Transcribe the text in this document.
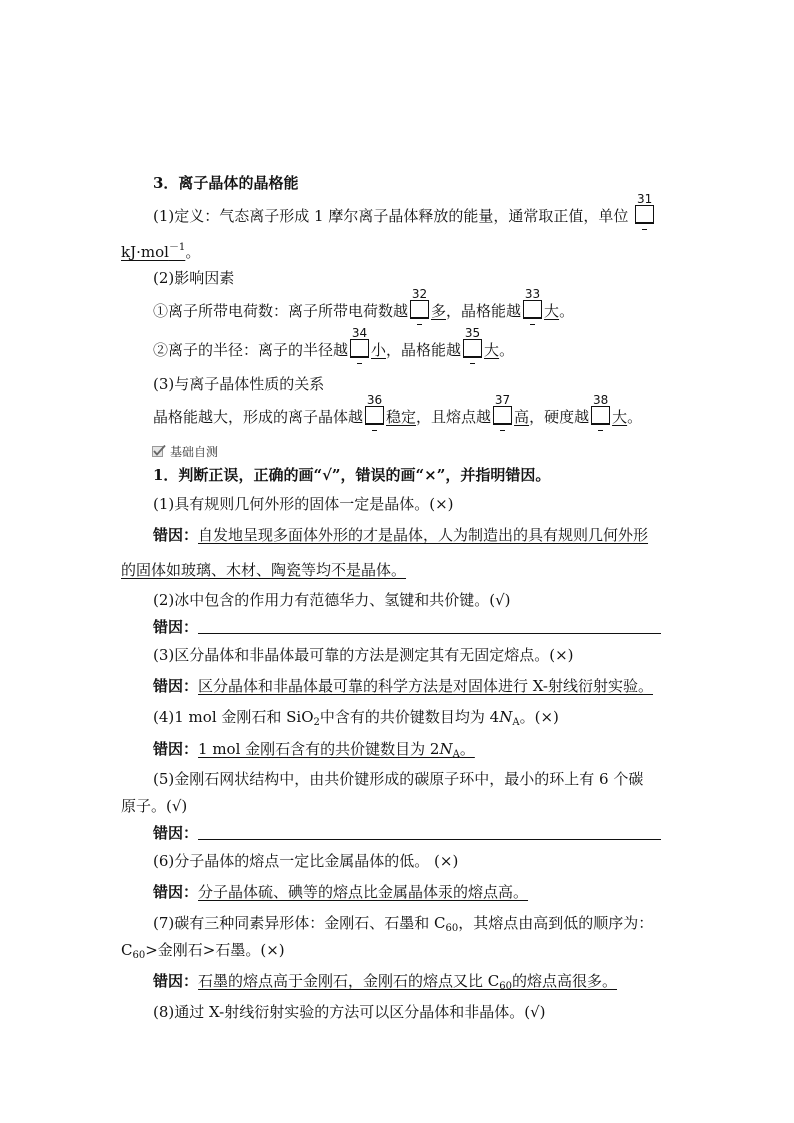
3．离子晶体的晶格能
(1)定义：气态离子形成 1 摩尔离子晶体释放的能量，通常取正值，单位
31
kJ·mol$^{-1}$。
(2)影响因素
①离子所带电荷数：离子所带电荷数越
32
多，晶格能越
33
大。
②离子的半径：离子的半径越
34
小，晶格能越
35
大。
(3)与离子晶体性质的关系
晶格能越大，形成的离子晶体越
36
稳定，且熔点越
37
高，硬度越
38
大。
基础自测
1．判断正误，正确的画“√”，错误的画“×”，并指明错因。
(1)具有规则几何外形的固体一定是晶体。(×)
错因：自发地呈现多面体外形的才是晶体，人为制造出的具有规则几何外形
的固体如玻璃、木材、陶瓷等均不是晶体。
(2)冰中包含的作用力有范德华力、氢键和共价键。(√)
错因：
(3)区分晶体和非晶体最可靠的方法是测定其有无固定熔点。(×)
错因：区分晶体和非晶体最可靠的科学方法是对固体进行 X-射线衍射实验。
(4)1 mol 金刚石和 SiO$_2$中含有的共价键数目均为 $4N_A$。(×)
错因：1 mol 金刚石含有的共价键数目为 $2N_A$。
(5)金刚石网状结构中，由共价键形成的碳原子环中，最小的环上有 6 个碳
原子。(√)
错因：
(6)分子晶体的熔点一定比金属晶体的低。 (×)
错因：分子晶体硫、碘等的熔点比金属晶体汞的熔点高。
(7)碳有三种同素异形体：金刚石、石墨和 $C_{60}$，其熔点由高到低的顺序为：
$C_{60}>$金刚石>石墨。(×)
错因：石墨的熔点高于金刚石，金刚石的熔点又比 $C_{60}$的熔点高很多。
(8)通过 X-射线衍射实验的方法可以区分晶体和非晶体。(√)
